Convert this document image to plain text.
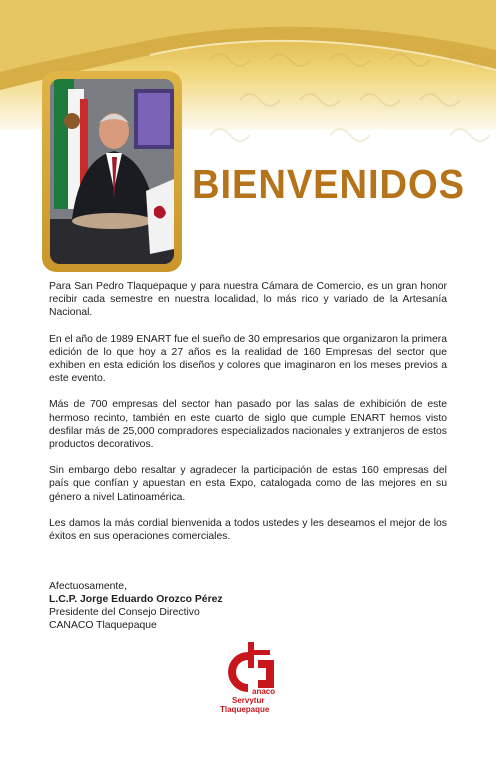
BIENVENIDOS

Para San Pedro Tlaquepaque y para nuestra Cámara de Comercio, es un gran honor recibir cada semestre en nuestra localidad, lo más rico y variado de la Artesanía Nacional.

En el año de 1989 ENART fue el sueño de 30 empresarios que organizaron la primera edición de lo que hoy a 27 años es la realidad de 160 Empresas del sector que exhiben en esta edición los diseños y colores que imaginaron en los meses previos a este evento.

Más de 700 empresas del sector han pasado por las salas de exhibición de este hermoso recinto, también en este cuarto de siglo que cumple ENART hemos visto desfilar más de 25,000 compradores especializados nacionales y extranjeros de estos productos decorativos.

Sin embargo debo resaltar y agradecer la participación de estas 160 empresas del país que confían y apuestan en esta Expo, catalogada como de las mejores en su género a nivel Latinoamérica.

Les damos la más cordial bienvenida a todos ustedes y les deseamos el mejor de los éxitos en sus operaciones comerciales.

Afectuosamente,
L.C.P. Jorge Eduardo Orozco Pérez
Presidente del Consejo Directivo
CANACO Tlaquepaque
anaco
Servytur
Tlaquepaque
